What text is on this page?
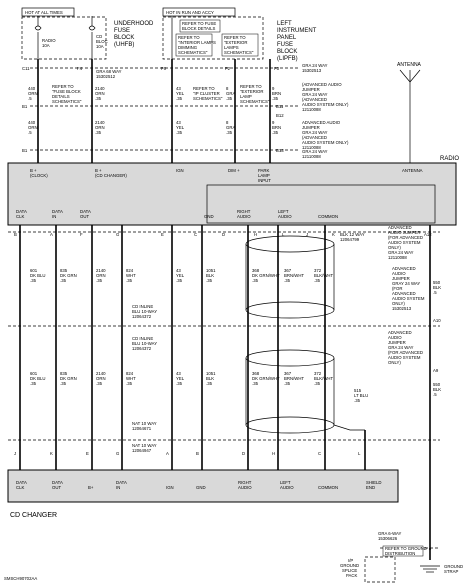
HOT AT ALL TIMES	HOT IN RUN AND ACCY
UNDERHOOD
FUSE
BLOCK
(UHFB)
RADIO
10A
CD
BLOC
10A
LEFT
INSTRUMENT
PANEL
FUSE
BLOCK
(LIPFB)
REFER TO FUSE
BLOCK DETAILS
REFER TO
"INTERIOR LAMPS
DIMMING
SCHEMATICS"
REFER TO
"EXTERIOR
LAMPS
SCHEMATICS"
C11	F4	F6	F2	F3
GRA 24 WAY
15302513
GRA 68 WAY
15302512
B1	B11
B12
B1	B13	GRA 24 WAY
12110088
(ADVANCED AUDIO
JUMPER
GRA 24 WAY
(ADVANCED
AUDIO SYSTEM ONLY)
12110088
ADVANCED AUDIO
JUMPER
GRA 24 WAY
(ADVANCED
AUDIO SYSTEM ONLY)
12110088
REFER TO
"FUSE BLOCK
DETAILS
SCHEMATICS"
REFER TO
"IP CLUSTER
SCHEMATICS"
REFER TO
"EXTERIOR
LAMP
SCHEMATICS"
440
ORN
.5
2140
ORN
.35
43
YEL
.35
8
GRA
.35
9
BRN
.35
440
ORN
.5
2140
ORN
.35
43
YEL
.35
8
GRA
.35
9
BRN
.35
ANTENNA
RADIO
B +
(CLOCK)
B +
(CD CHANGER)
IGN	DIM +	PARK
LAMP
INPUT
ANTENNA
DATA
CLK
DATA
IN
DATA
OUT	GND
RIGHT
AUDIO
LEFT
AUDIO	COMMON
B	A	F	G	E	C	D	H	L	J	K	A12
601
DK BLU
.35
835
DK GRN
.35
2140
ORN
.35
824
WHT
.35
43
YEL
.35
1051
BLK
.35
368
DK GRN/WHT
.35
367
BRN/WHT
.35
372
BLK/WHT
.35	550
BLK
.5
601
DK BLU
.35
835
DK GRN
.35
2140
ORN
.35
824
WHT
.35
43
YEL
.35
1051
BLK
.35
368
DK GRN/WHT
.35
367
BRN/WHT
.35
372
BLK/WHT
.35
515
LT BLU
.35
550
BLK
.5
CD INLINE
BLU 10-WAY
12064372
CD INLINE
BLU 10-WAY
12064372
NAT 10 WAY
12064671
NAT 10 WAY
12064947
BLK 12 WAY
12064799
ADVANCED
AUDIO JUMPER
(FOR ADVANCED
AUDIO SYSTEM
ONLY)
GRA 24 WAY
12110088
ADVANCED
AUDIO
JUMPER
GRAY 24 WAY
(FOR
ADVANCED
AUDIO SYSTEM
ONLY)
15302513
A10
ADVANCED
AUDIO
JUMPER
GRA 24 WAY
(FOR ADVANCED
AUDIO SYSTEM
ONLY)
A9
DATA
CLK
DATA
OUT	B+
DATA
IN	IGN	GND
RIGHT
AUDIO
LEFT
AUDIO	COMMON
SHIELD
END
CD CHANGER
J	K	E	G	A	B	D	H	C	L
GRA 6-WAY
15306626
REFER TO GROUND
DISTRIBUTION
I/P
GROUND
SPLICE
PACK
GROUND
STRAP
SMSCH90702AA
